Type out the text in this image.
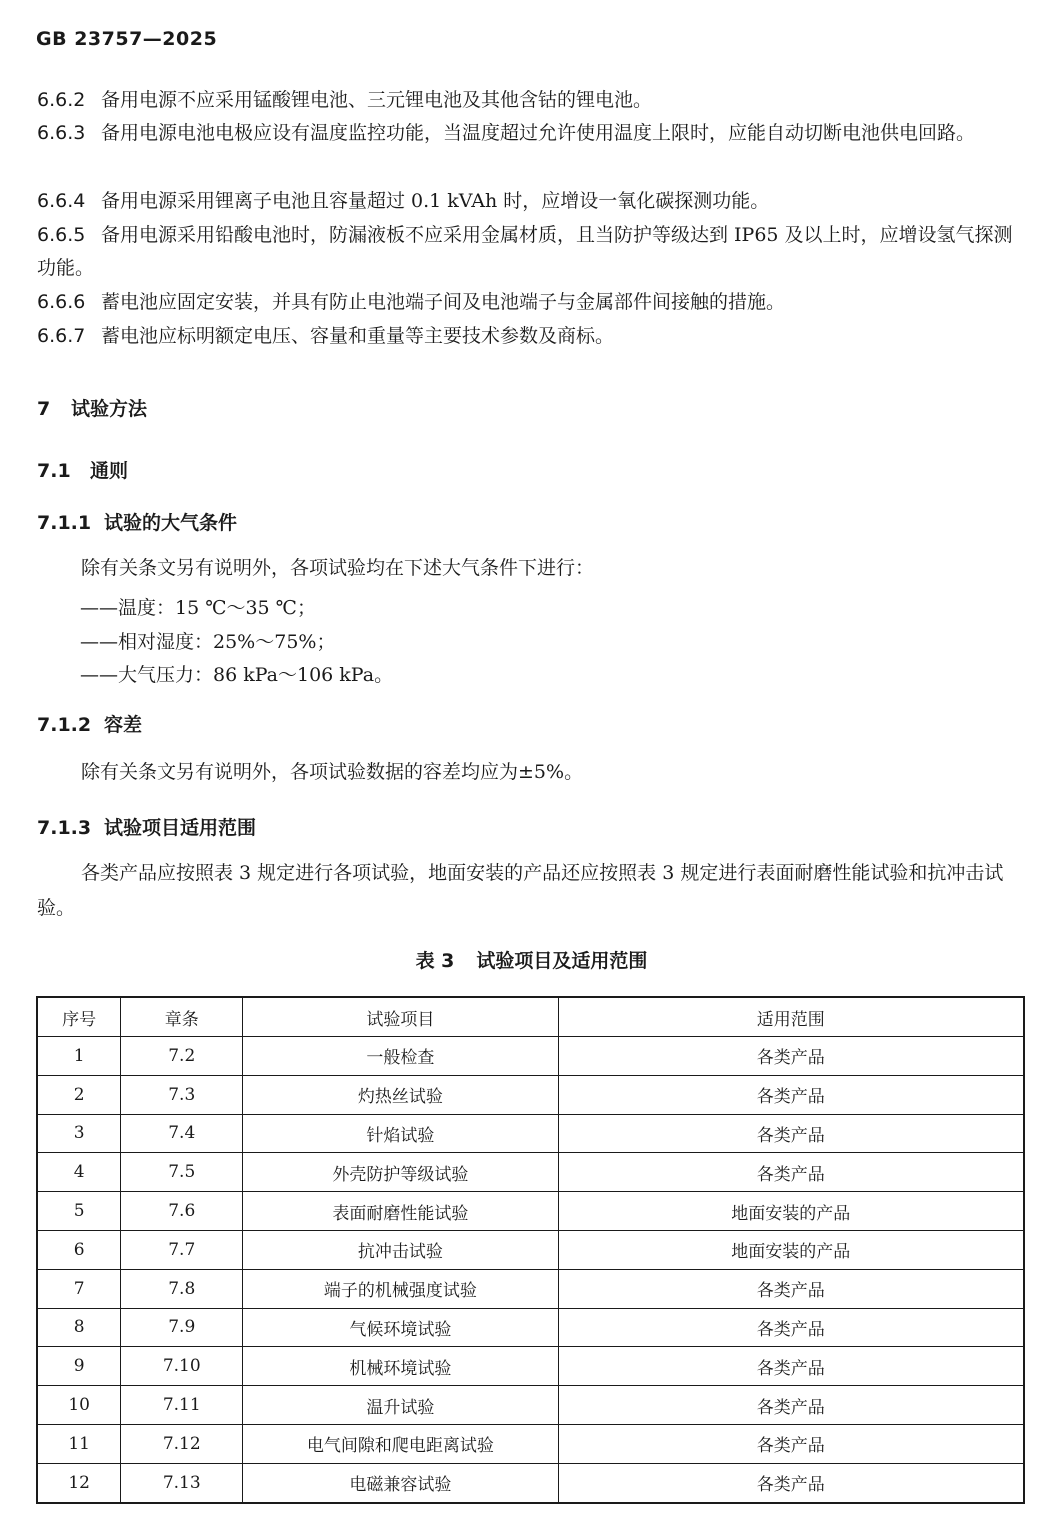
GB 23757—2025
6.6.2 备用电源不应采用锰酸锂电池、三元锂电池及其他含钴的锂电池。
6.6.3 备用电源电池电极应设有温度监控功能，当温度超过允许使用温度上限时，应能自动切断电池供电回路。
6.6.4 备用电源采用锂离子电池且容量超过 0.1 kVAh 时，应增设一氧化碳探测功能。
6.6.5 备用电源采用铅酸电池时，防漏液板不应采用金属材质，且当防护等级达到 IP65 及以上时，应增设氢气探测功能。
6.6.6 蓄电池应固定安装，并具有防止电池端子间及电池端子与金属部件间接触的措施。
6.6.7 蓄电池应标明额定电压、容量和重量等主要技术参数及商标。
7 试验方法
7.1 通则
7.1.1 试验的大气条件
除有关条文另有说明外，各项试验均在下述大气条件下进行：
——温度：15 ℃～35 ℃；
——相对湿度：25%～75%；
——大气压力：86 kPa～106 kPa。
7.1.2 容差
除有关条文另有说明外，各项试验数据的容差均应为±5%。
7.1.3 试验项目适用范围
各类产品应按照表 3 规定进行各项试验，地面安装的产品还应按照表 3 规定进行表面耐磨性能试验和抗冲击试验。
表 3 试验项目及适用范围
序号	章条	试验项目	适用范围
1	7.2	一般检查	各类产品
2	7.3	灼热丝试验	各类产品
3	7.4	针焰试验	各类产品
4	7.5	外壳防护等级试验	各类产品
5	7.6	表面耐磨性能试验	地面安装的产品
6	7.7	抗冲击试验	地面安装的产品
7	7.8	端子的机械强度试验	各类产品
8	7.9	气候环境试验	各类产品
9	7.10	机械环境试验	各类产品
10	7.11	温升试验	各类产品
11	7.12	电气间隙和爬电距离试验	各类产品
12	7.13	电磁兼容试验	各类产品
